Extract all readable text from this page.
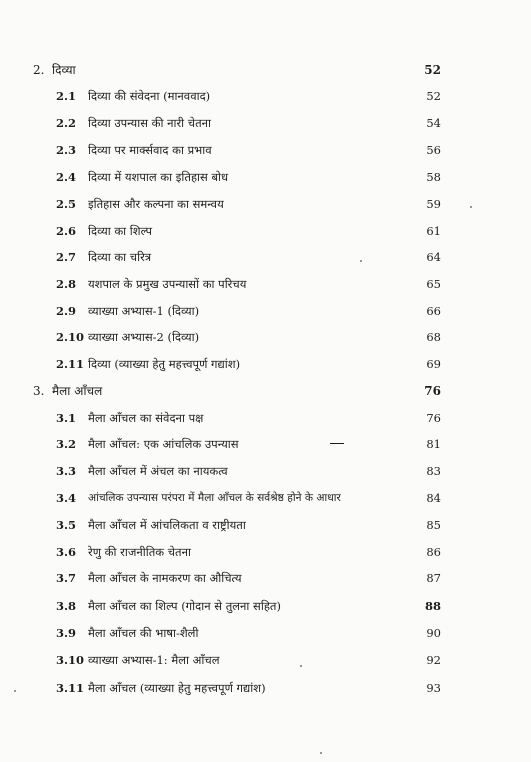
2. दिव्या	52
2.1 दिव्या की संवेदना (मानववाद)	52
2.2 दिव्या उपन्यास की नारी चेतना	54
2.3 दिव्या पर मार्क्सवाद का प्रभाव	56
2.4 दिव्या में यशपाल का इतिहास बोध	58
2.5 इतिहास और कल्पना का समन्वय	59
2.6 दिव्या का शिल्प	61
2.7 दिव्या का चरित्र	64
2.8 यशपाल के प्रमुख उपन्यासों का परिचय	65
2.9 व्याख्या अभ्यास-1 (दिव्या)	66
2.10 व्याख्या अभ्यास-2 (दिव्या)	68
2.11 दिव्या (व्याख्या हेतु महत्त्वपूर्ण गद्यांश)	69
3. मैला आँचल	76
3.1 मैला आँचल का संवेदना पक्ष	76
3.2 मैला आँचल: एक आंचलिक उपन्यास	81
3.3 मैला आँचल में अंचल का नायकत्व	83
3.4 आंचलिक उपन्यास परंपरा में मैला आँचल के सर्वश्रेष्ठ होने के आधार	84
3.5 मैला आँचल में आंचलिकता व राष्ट्रीयता	85
3.6 रेणु की राजनीतिक चेतना	86
3.7 मैला आँचल के नामकरण का औचित्य	87
3.8 मैला आँचल का शिल्प (गोदान से तुलना सहित)	88
3.9 मैला आँचल की भाषा-शैली	90
3.10 व्याख्या अभ्यास-1: मैला आँचल	92
3.11 मैला आँचल (व्याख्या हेतु महत्त्वपूर्ण गद्यांश)	93
